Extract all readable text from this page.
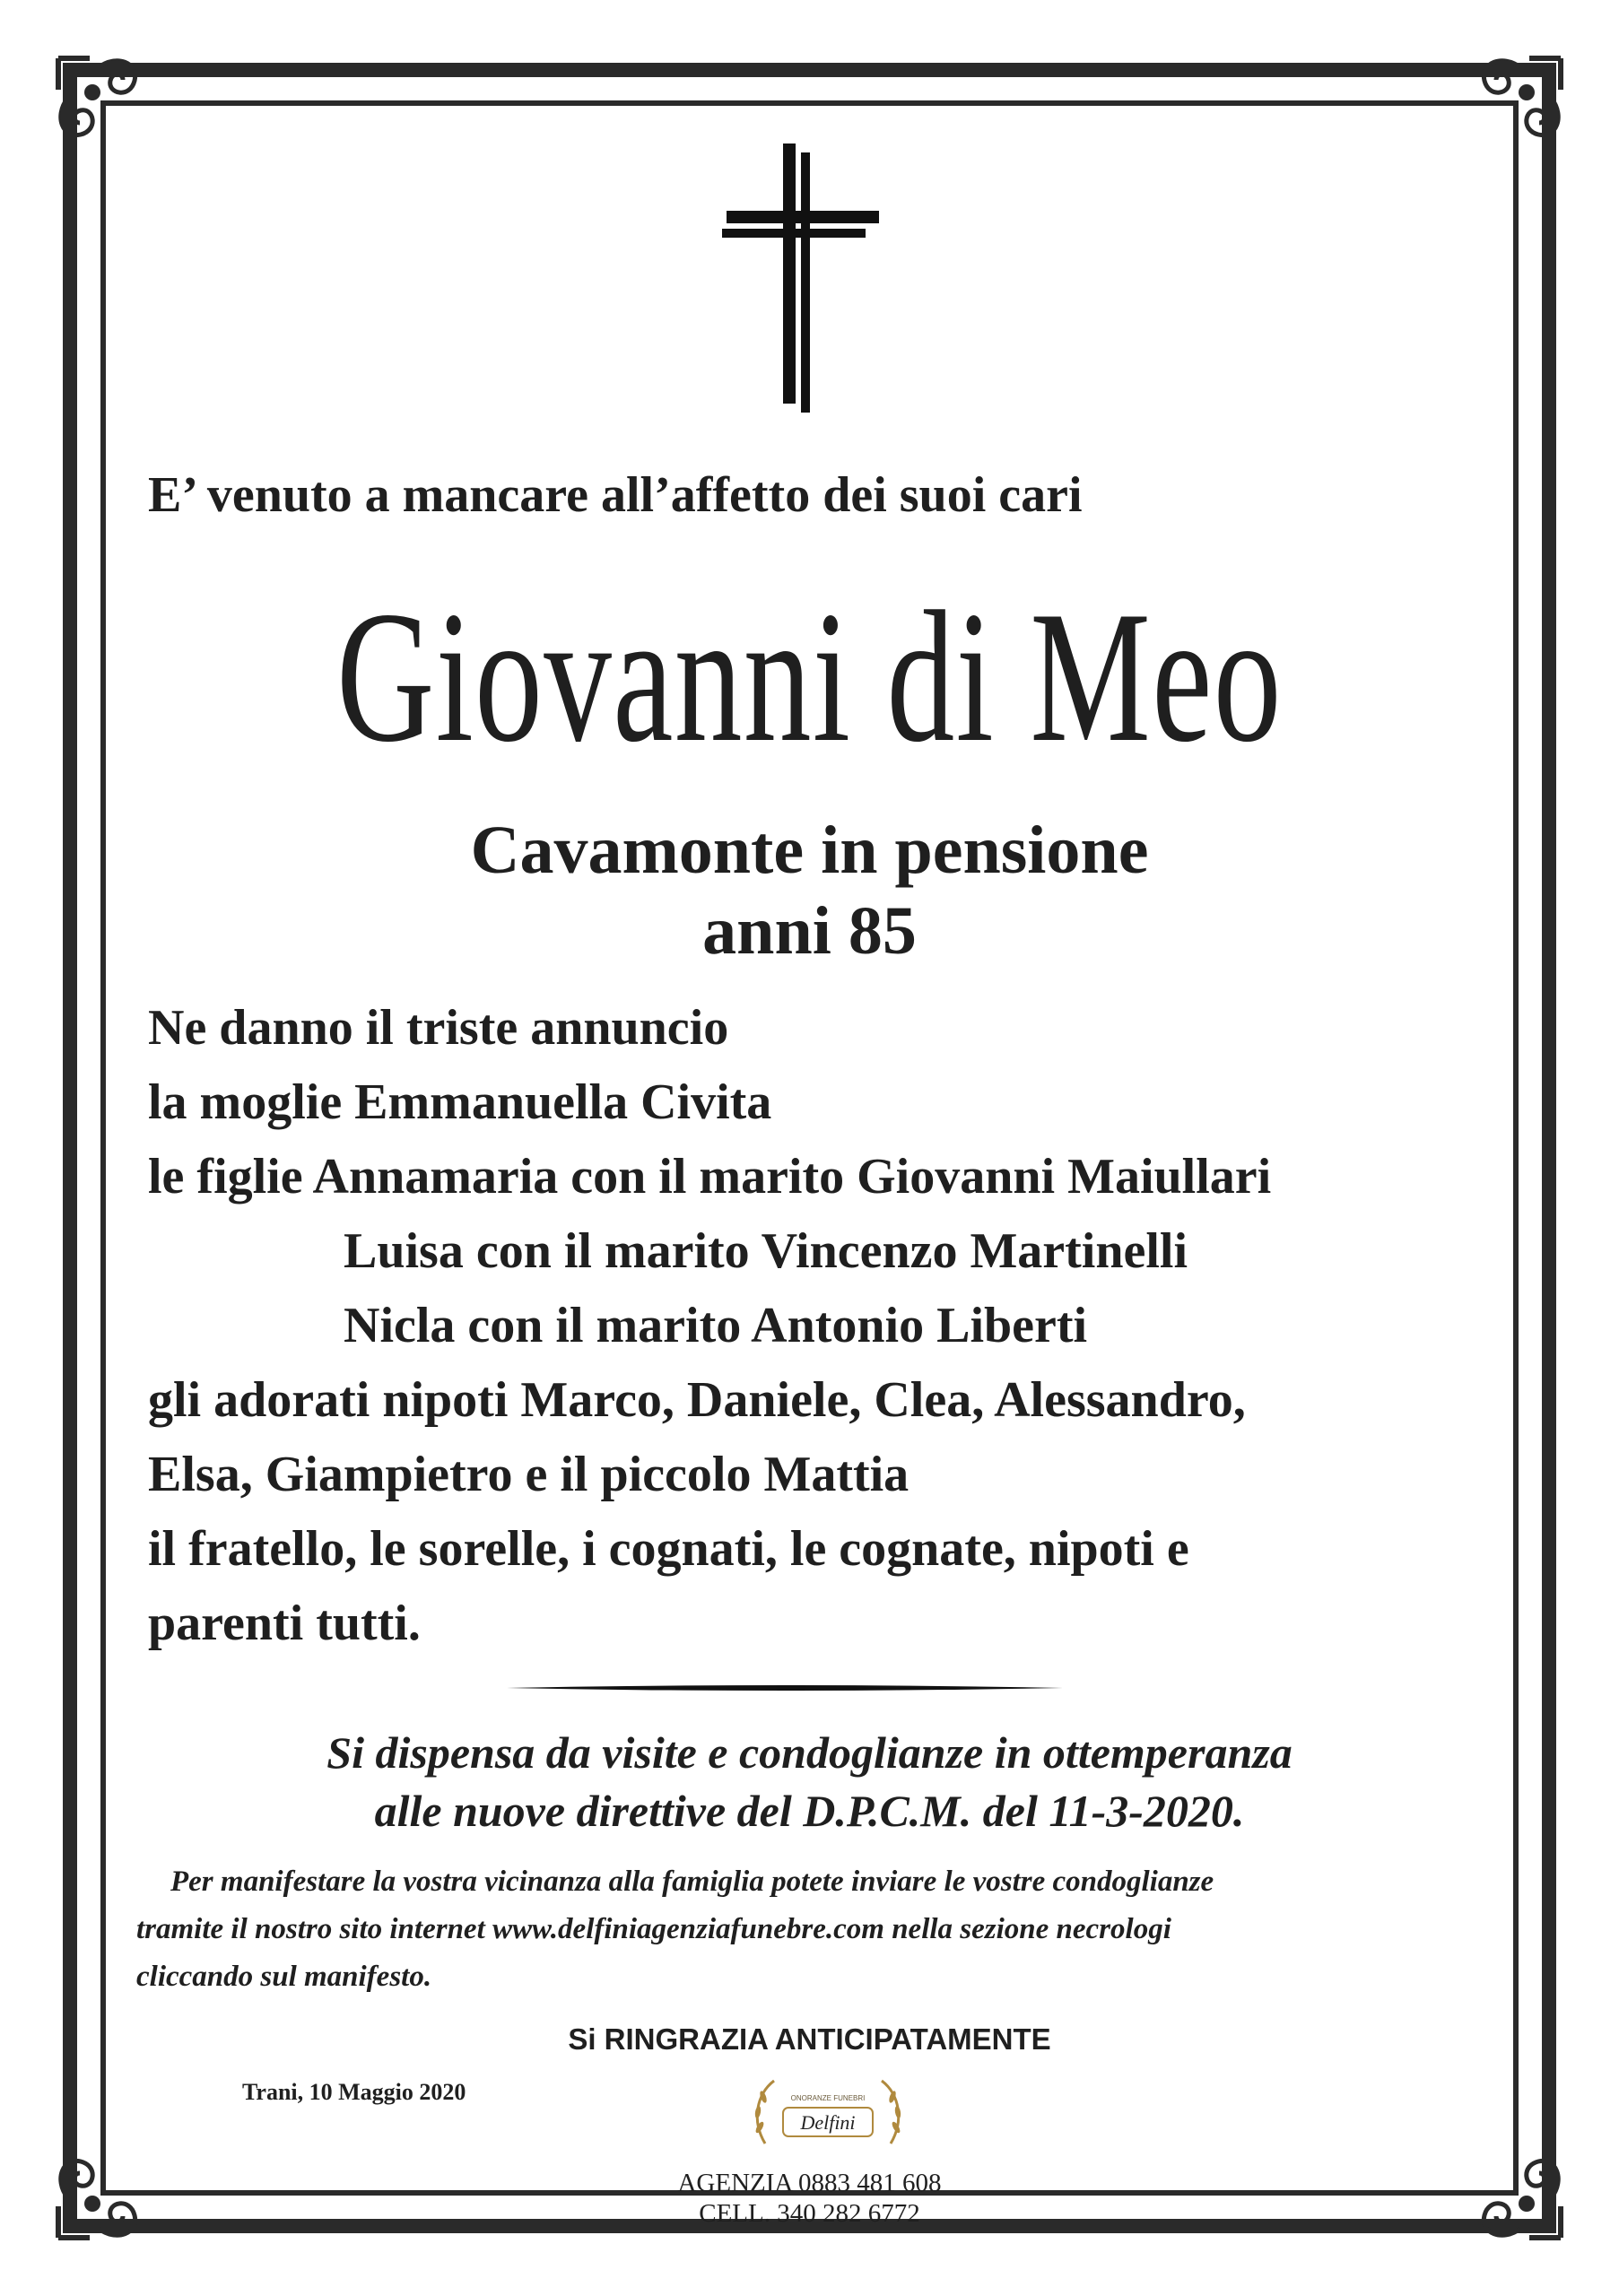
E’ venuto a mancare all’affetto dei suoi cari
Giovanni di Meo
Cavamonte in pensione
anni 85
Ne danno il triste annuncio
la moglie Emmanuella Civita
le figlie Annamaria con il marito Giovanni Maiullari
Luisa con il marito Vincenzo Martinelli
Nicla con il marito Antonio Liberti
gli adorati nipoti Marco, Daniele, Clea, Alessandro,
Elsa, Giampietro e il piccolo Mattia
il fratello, le sorelle, i cognati, le cognate, nipoti e
parenti tutti.
Si dispensa da visite e condoglianze in ottemperanza
alle nuove direttive del D.P.C.M. del 11-3-2020.
Per manifestare la vostra vicinanza alla famiglia potete inviare le vostre condoglianze
tramite il nostro sito internet www.delfiniagenziafunebre.com nella sezione necrologi
cliccando sul manifesto.
Si RINGRAZIA ANTICIPATAMENTE
Trani, 10 Maggio 2020	ONORANZE FUNEBRI
Delfini
AGENZIA 0883 481 608
CELL. 340 282 6772
